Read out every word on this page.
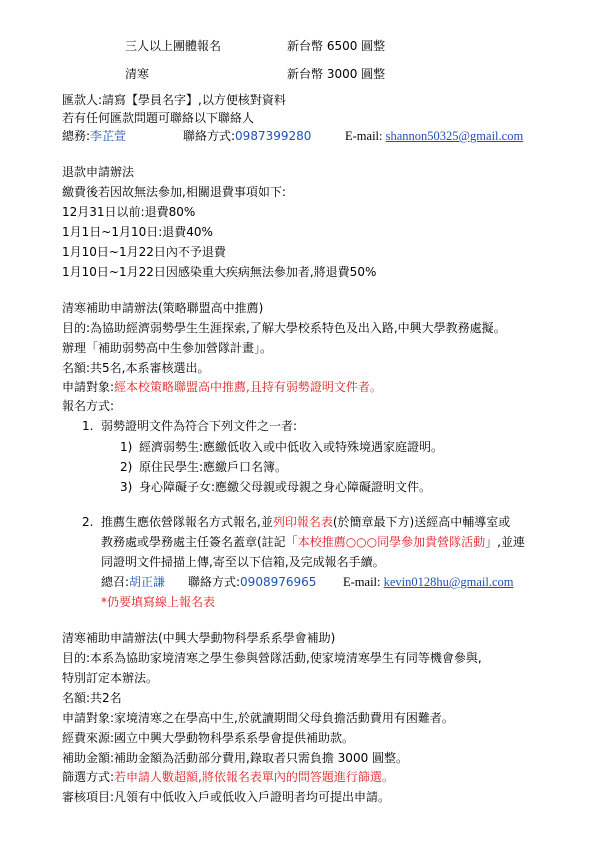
三人以上團體報名	新台幣 6500 圓整
清寒	新台幣 3000 圓整
匯款人:請寫【學員名字】,以方便核對資料
若有任何匯款問題可聯絡以下聯絡人
總務:李芷萱	聯絡方式:0987399280	E-mail: shannon50325@gmail.com
退款申請辦法
繳費後若因故無法參加,相關退費事項如下:
12月31日以前:退費80%
1月1日~1月10日:退費40%
1月10日~1月22日內不予退費
1月10日~1月22日因感染重大疾病無法參加者,將退費50%
清寒補助申請辦法(策略聯盟高中推薦)
目的:為協助經濟弱勢學生生涯探索,了解大學校系特色及出入路,中興大學教務處擬。
辦理「補助弱勢高中生參加營隊計畫」。
名額:共5名,本系審核選出。
申請對象:經本校策略聯盟高中推薦,且持有弱勢證明文件者。
報名方式:
1. 弱勢證明文件為符合下列文件之一者:
1) 經濟弱勢生:應繳低收入或中低收入或特殊境遇家庭證明。
2) 原住民學生:應繳戶口名簿。
3) 身心障礙子女:應繳父母親或母親之身心障礙證明文件。
2. 推薦生應依營隊報名方式報名,並列印報名表(於簡章最下方)送經高中輔導室或
教務處或學務處主任簽名蓋章(註記「本校推薦○○○同學參加貴營隊活動」,並連
同證明文件掃描上傳,寄至以下信箱,及完成報名手續。
總召:胡正謙 聯絡方式:0908976965 E-mail: kevin0128hu@gmail.com
*仍要填寫線上報名表
清寒補助申請辦法(中興大學動物科學系系學會補助)
目的:本系為協助家境清寒之學生參與營隊活動,使家境清寒學生有同等機會參與,
特別訂定本辦法。
名額:共2名
申請對象:家境清寒之在學高中生,於就讀期間父母負擔活動費用有困難者。
經費來源:國立中興大學動物科學系系學會提供補助款。
補助金額:補助金額為活動部分費用,錄取者只需負擔 3000 圓整。
篩選方式:若申請人數超額,將依報名表單內的問答題進行篩選。
審核項目:凡領有中低收入戶或低收入戶證明者均可提出申請。
